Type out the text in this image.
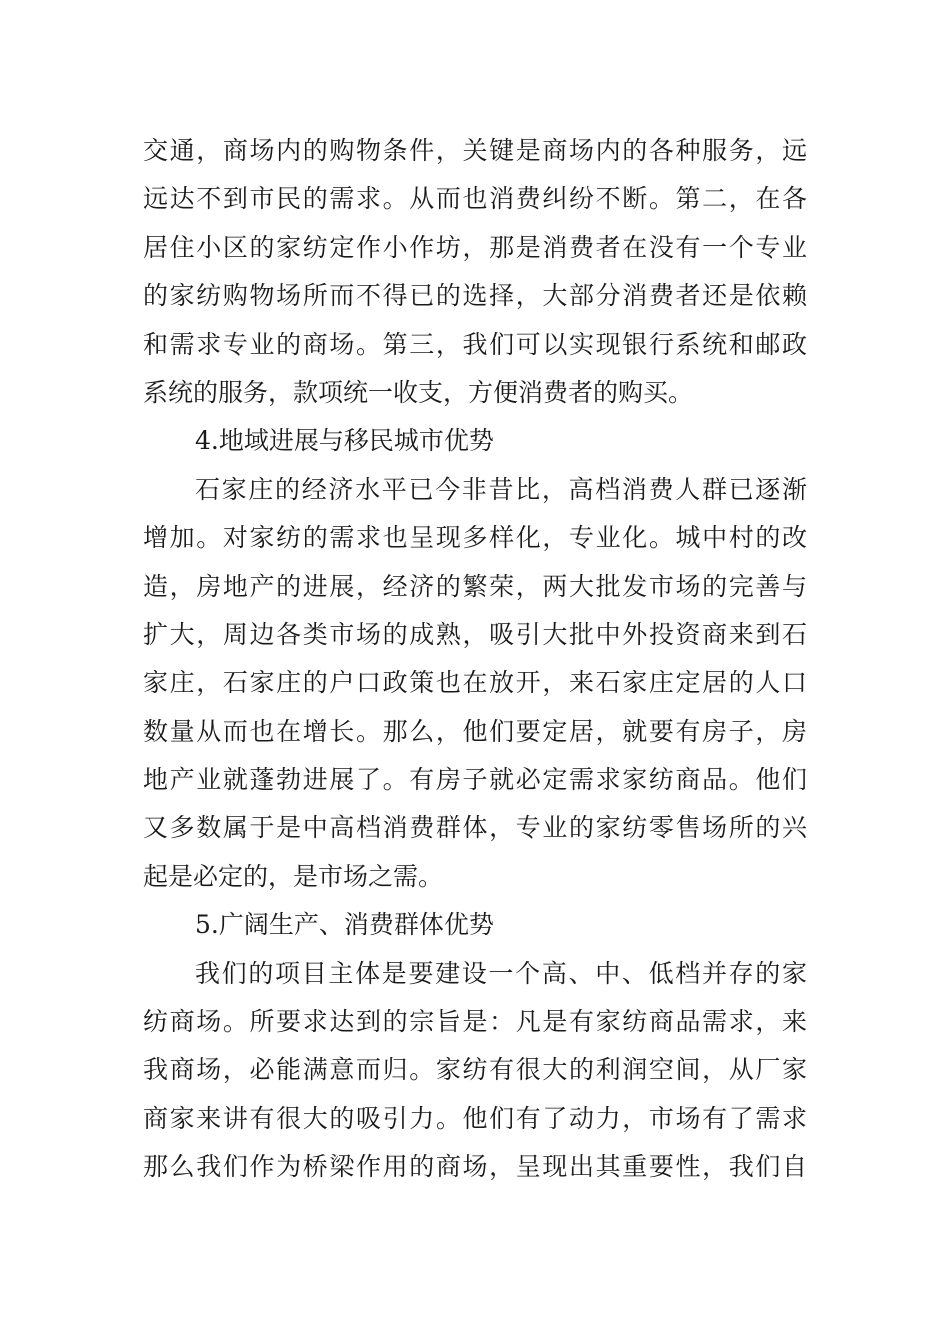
交通，商场内的购物条件，关键是商场内的各种服务，远
远达不到市民的需求。从而也消费纠纷不断。第二，在各
居住小区的家纺定作小作坊，那是消费者在没有一个专业
的家纺购物场所而不得已的选择，大部分消费者还是依赖
和需求专业的商场。第三，我们可以实现银行系统和邮政
系统的服务，款项统一收支，方便消费者的购买。
4.地域进展与移民城市优势
石家庄的经济水平已今非昔比，高档消费人群已逐渐
增加。对家纺的需求也呈现多样化，专业化。城中村的改
造，房地产的进展，经济的繁荣，两大批发市场的完善与
扩大，周边各类市场的成熟，吸引大批中外投资商来到石
家庄，石家庄的户口政策也在放开，来石家庄定居的人口
数量从而也在增长。那么，他们要定居，就要有房子，房
地产业就蓬勃进展了。有房子就必定需求家纺商品。他们
又多数属于是中高档消费群体，专业的家纺零售场所的兴
起是必定的，是市场之需。
5.广阔生产、消费群体优势
我们的项目主体是要建设一个高、中、低档并存的家
纺商场。所要求达到的宗旨是：凡是有家纺商品需求，来
我商场，必能满意而归。家纺有很大的利润空间，从厂家
商家来讲有很大的吸引力。他们有了动力，市场有了需求
那么我们作为桥梁作用的商场，呈现出其重要性，我们自
